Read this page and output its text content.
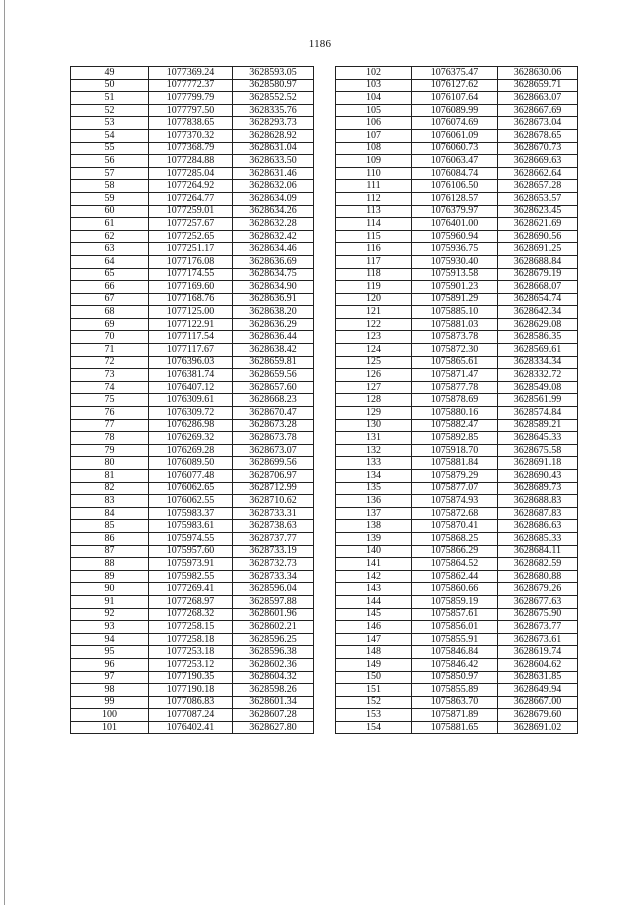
1186
49	1077369.24	3628593.05
50	1077772.37	3628580.97
51	1077799.79	3628552.52
52	1077797.50	3628335.76
53	1077838.65	3628293.73
54	1077370.32	3628628.92
55	1077368.79	3628631.04
56	1077284.88	3628633.50
57	1077285.04	3628631.46
58	1077264.92	3628632.06
59	1077264.77	3628634.09
60	1077259.01	3628634.26
61	1077257.67	3628632.28
62	1077252.65	3628632.42
63	1077251.17	3628634.46
64	1077176.08	3628636.69
65	1077174.55	3628634.75
66	1077169.60	3628634.90
67	1077168.76	3628636.91
68	1077125.00	3628638.20
69	1077122.91	3628636.29
70	1077117.54	3628636.44
71	1077117.67	3628638.42
72	1076396.03	3628659.81
73	1076381.74	3628659.56
74	1076407.12	3628657.60
75	1076309.61	3628668.23
76	1076309.72	3628670.47
77	1076286.98	3628673.28
78	1076269.32	3628673.78
79	1076269.28	3628673.07
80	1076089.50	3628699.56
81	1076077.48	3628706.97
82	1076062.65	3628712.99
83	1076062.55	3628710.62
84	1075983.37	3628733.31
85	1075983.61	3628738.63
86	1075974.55	3628737.77
87	1075957.60	3628733.19
88	1075973.91	3628732.73
89	1075982.55	3628733.34
90	1077269.41	3628596.04
91	1077268.97	3628597.88
92	1077268.32	3628601.96
93	1077258.15	3628602.21
94	1077258.18	3628596.25
95	1077253.18	3628596.38
96	1077253.12	3628602.36
97	1077190.35	3628604.32
98	1077190.18	3628598.26
99	1077086.83	3628601.34
100	1077087.24	3628607.28
101	1076402.41	3628627.80
102	1076375.47	3628630.06
103	1076127.62	3628659.71
104	1076107.64	3628663.07
105	1076089.99	3628667.69
106	1076074.69	3628673.04
107	1076061.09	3628678.65
108	1076060.73	3628670.73
109	1076063.47	3628669.63
110	1076084.74	3628662.64
111	1076106.50	3628657.28
112	1076128.57	3628653.57
113	1076379.97	3628623.45
114	1076401.00	3628621.69
115	1075960.94	3628690.56
116	1075936.75	3628691.25
117	1075930.40	3628688.84
118	1075913.58	3628679.19
119	1075901.23	3628668.07
120	1075891.29	3628654.74
121	1075885.10	3628642.34
122	1075881.03	3628629.08
123	1075873.78	3628586.35
124	1075872.30	3628569.61
125	1075865.61	3628334.34
126	1075871.47	3628332.72
127	1075877.78	3628549.08
128	1075878.69	3628561.99
129	1075880.16	3628574.84
130	1075882.47	3628589.21
131	1075892.85	3628645.33
132	1075918.70	3628675.58
133	1075881.84	3628691.18
134	1075879.29	3628690.43
135	1075877.07	3628689.73
136	1075874.93	3628688.83
137	1075872.68	3628687.83
138	1075870.41	3628686.63
139	1075868.25	3628685.33
140	1075866.29	3628684.11
141	1075864.52	3628682.59
142	1075862.44	3628680.88
143	1075860.66	3628679.26
144	1075859.19	3628677.63
145	1075857.61	3628675.90
146	1075856.01	3628673.77
147	1075855.91	3628673.61
148	1075846.84	3628619.74
149	1075846.42	3628604.62
150	1075850.97	3628631.85
151	1075855.89	3628649.94
152	1075863.70	3628667.00
153	1075871.89	3628679.60
154	1075881.65	3628691.02
